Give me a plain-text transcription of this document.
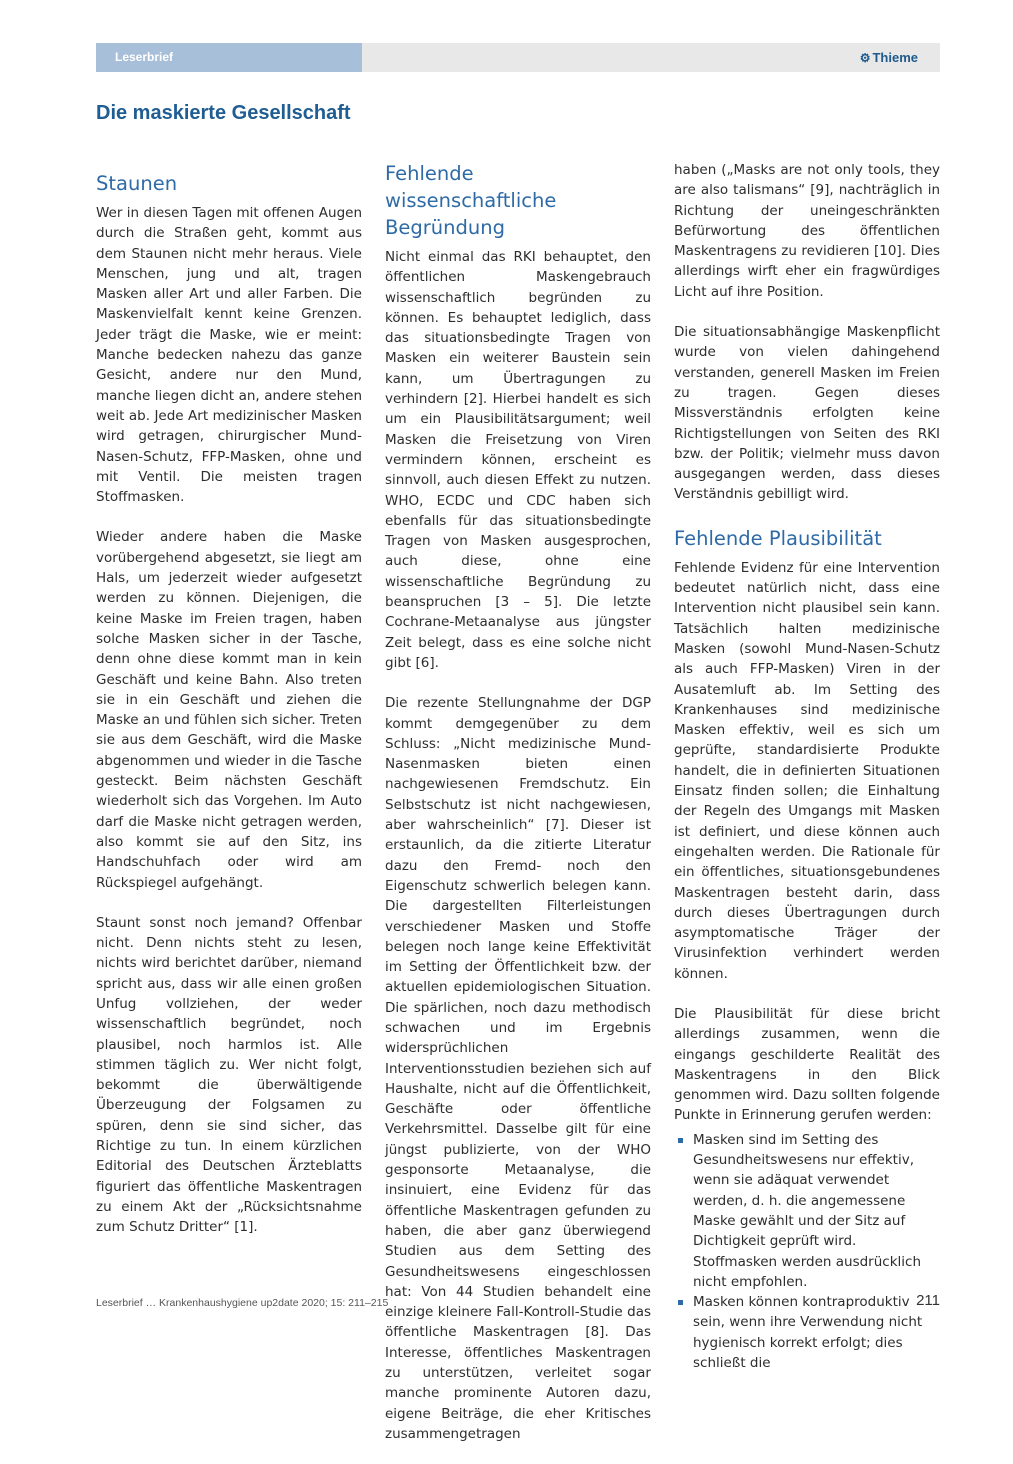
Leserbrief	⚙ Thieme
Die maskierte Gesellschaft
Staunen

Wer in diesen Tagen mit offenen Augen durch die Straßen geht, kommt aus dem Staunen nicht mehr heraus. Viele Menschen, jung und alt, tragen Masken aller Art und aller Farben. Die Maskenvielfalt kennt keine Grenzen. Jeder trägt die Maske, wie er meint: Manche bedecken nahezu das ganze Gesicht, andere nur den Mund, manche liegen dicht an, andere stehen weit ab. Jede Art medizinischer Masken wird getragen, chirurgischer Mund-Nasen-Schutz, FFP-Masken, ohne und mit Ventil. Die meisten tragen Stoffmasken.

Wieder andere haben die Maske vorübergehend abgesetzt, sie liegt am Hals, um jederzeit wieder aufgesetzt werden zu können. Diejenigen, die keine Maske im Freien tragen, haben solche Masken sicher in der Tasche, denn ohne diese kommt man in kein Geschäft und keine Bahn. Also treten sie in ein Geschäft und ziehen die Maske an und fühlen sich sicher. Treten sie aus dem Geschäft, wird die Maske abgenommen und wieder in die Tasche gesteckt. Beim nächsten Geschäft wiederholt sich das Vorgehen. Im Auto darf die Maske nicht getragen werden, also kommt sie auf den Sitz, ins Handschuhfach oder wird am Rückspiegel aufgehängt.

Staunt sonst noch jemand? Offenbar nicht. Denn nichts steht zu lesen, nichts wird berichtet darüber, niemand spricht aus, dass wir alle einen großen Unfug vollziehen, der weder wissenschaftlich begründet, noch plausibel, noch harmlos ist. Alle stimmen täglich zu. Wer nicht folgt, bekommt die überwältigende Überzeugung der Folgsamen zu spüren, denn sie sind sicher, das Richtige zu tun. In einem kürzlichen Editorial des Deutschen Ärzteblatts figuriert das öffentliche Maskentragen zu einem Akt der „Rücksichtsnahme zum Schutz Dritter“ [1].

Fehlende wissenschaftliche Begründung

Nicht einmal das RKI behauptet, den öffentlichen Maskengebrauch wissenschaftlich begründen zu können. Es behauptet lediglich, dass das situationsbedingte Tragen von Masken ein weiterer Baustein sein kann, um Übertragungen zu verhindern [2]. Hierbei handelt es sich um ein Plausibilitätsargument; weil Masken die Freisetzung von Viren vermindern können, erscheint es sinnvoll, auch diesen Effekt zu nutzen. WHO, ECDC und CDC haben sich ebenfalls für das situationsbedingte Tragen von Masken ausgesprochen, auch diese, ohne eine wissenschaftliche Begründung zu beanspruchen [3 – 5]. Die letzte Cochrane-Metaanalyse aus jüngster Zeit belegt, dass es eine solche nicht gibt [6].

Die rezente Stellungnahme der DGP kommt demgegenüber zu dem Schluss: „Nicht medizinische Mund-Nasenmasken bieten einen nachgewiesenen Fremdschutz. Ein Selbstschutz ist nicht nachgewiesen, aber wahrscheinlich“ [7]. Dieser ist erstaunlich, da die zitierte Literatur dazu den Fremd- noch den Eigenschutz schwerlich belegen kann. Die dargestellten Filterleistungen verschiedener Masken und Stoffe belegen noch lange keine Effektivität im Setting der Öffentlichkeit bzw. der aktuellen epidemiologischen Situation. Die spärlichen, noch dazu methodisch schwachen und im Ergebnis widersprüchlichen Interventionsstudien beziehen sich auf Haushalte, nicht auf die Öffentlichkeit, Geschäfte oder öffentliche Verkehrsmittel. Dasselbe gilt für eine jüngst publizierte, von der WHO gesponsorte Metaanalyse, die insinuiert, eine Evidenz für das öffentliche Maskentragen gefunden zu haben, die aber ganz überwiegend Studien aus dem Setting des Gesundheitswesens eingeschlossen hat: Von 44 Studien behandelt eine einzige kleinere Fall-Kontroll-Studie das öffentliche Maskentragen [8]. Das Interesse, öffentliches Maskentragen zu unterstützen, verleitet sogar manche prominente Autoren dazu, eigene Beiträge, die eher Kritisches zusammengetragen

haben („Masks are not only tools, they are also talismans“ [9], nachträglich in Richtung der uneingeschränkten Befürwortung des öffentlichen Maskentragens zu revidieren [10]. Dies allerdings wirft eher ein fragwürdiges Licht auf ihre Position.

Die situationsabhängige Maskenpflicht wurde von vielen dahingehend verstanden, generell Masken im Freien zu tragen. Gegen dieses Missverständnis erfolgten keine Richtigstellungen von Seiten des RKI bzw. der Politik; vielmehr muss davon ausgegangen werden, dass dieses Verständnis gebilligt wird.

Fehlende Plausibilität

Fehlende Evidenz für eine Intervention bedeutet natürlich nicht, dass eine Intervention nicht plausibel sein kann. Tatsächlich halten medizinische Masken (sowohl Mund-Nasen-Schutz als auch FFP-Masken) Viren in der Ausatemluft ab. Im Setting des Krankenhauses sind medizinische Masken effektiv, weil es sich um geprüfte, standardisierte Produkte handelt, die in definierten Situationen Einsatz finden sollen; die Einhaltung der Regeln des Umgangs mit Masken ist definiert, und diese können auch eingehalten werden. Die Rationale für ein öffentliches, situationsgebundenes Maskentragen besteht darin, dass durch dieses Übertragungen durch asymptomatische Träger der Virusinfektion verhindert werden können.

Die Plausibilität für diese bricht allerdings zusammen, wenn die eingangs geschilderte Realität des Maskentragens in den Blick genommen wird. Dazu sollten folgende Punkte in Erinnerung gerufen werden:

Masken sind im Setting des Gesundheitswesens nur effektiv, wenn sie adäquat verwendet werden, d. h. die angemessene Maske gewählt und der Sitz auf Dichtigkeit geprüft wird. Stoffmasken werden ausdrücklich nicht empfohlen.
Masken können kontraproduktiv sein, wenn ihre Verwendung nicht hygienisch korrekt erfolgt; dies schließt die
Leserbrief … Krankenhaushygiene up2date 2020; 15: 211–215	211
